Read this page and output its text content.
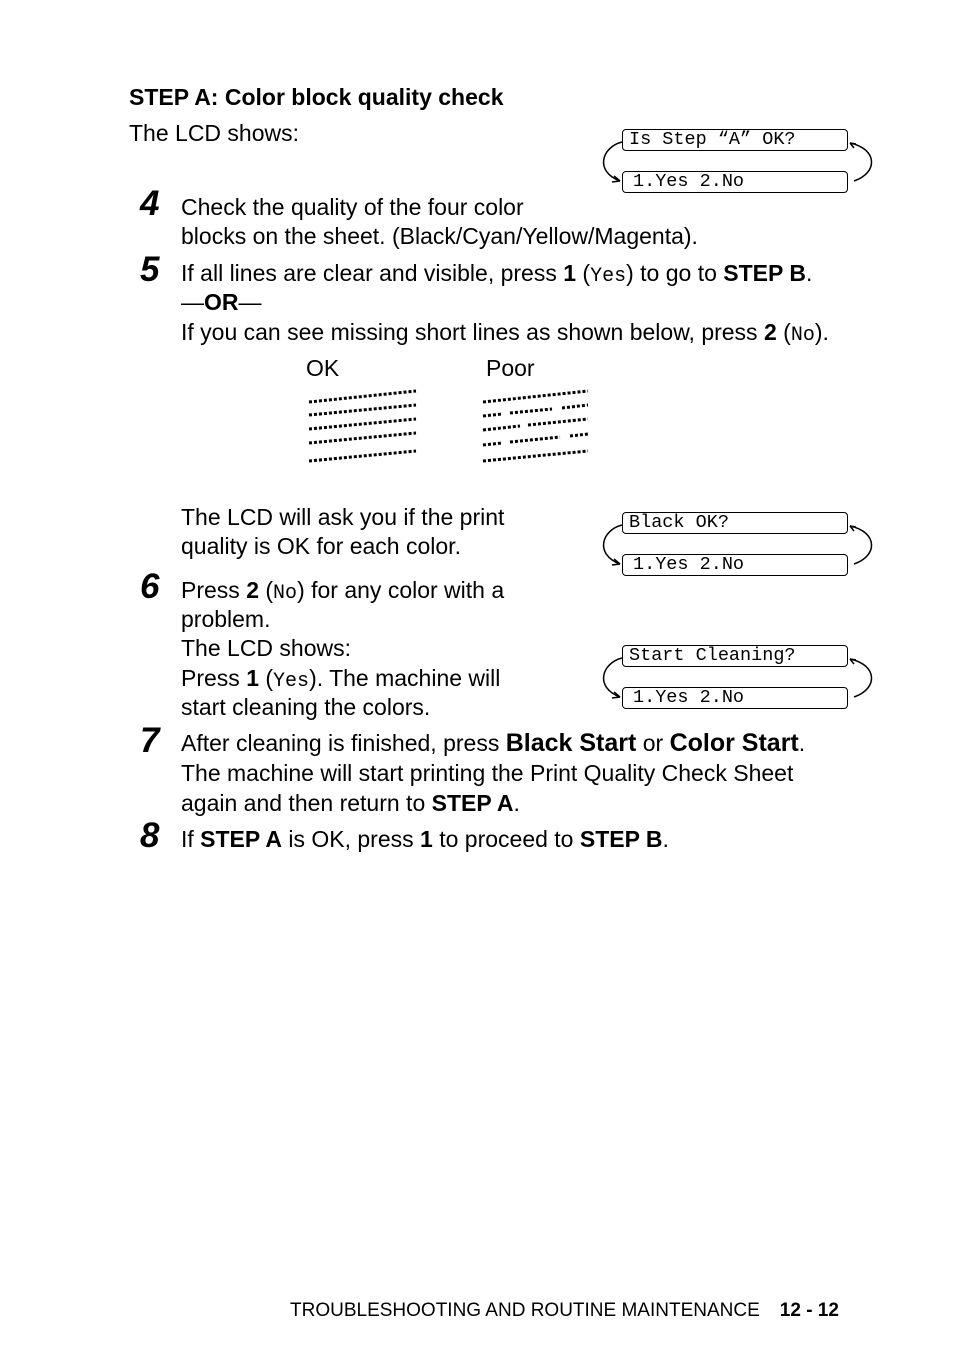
STEP A: Color block quality check
The LCD shows:	Is Step “A” OK?
1.Yes 2.No
4 Check the quality of the four color
blocks on the sheet. (Black/Cyan/Yellow/Magenta).
5 If all lines are clear and visible, press 1 (Yes) to go to STEP B.
—OR—
If you can see missing short lines as shown below, press 2 (No).
OK	Poor
The LCD will ask you if the print
quality is OK for each color.
Black OK?
1.Yes 2.No
6 Press 2 (No) for any color with a
problem.
The LCD shows:
Press 1 (Yes). The machine will
start cleaning the colors.
Start Cleaning?
1.Yes 2.No
7 After cleaning is finished, press Black Start or Color Start.
The machine will start printing the Print Quality Check Sheet
again and then return to STEP A.
8 If STEP A is OK, press 1 to proceed to STEP B.
TROUBLESHOOTING AND ROUTINE MAINTENANCE 12 - 12
